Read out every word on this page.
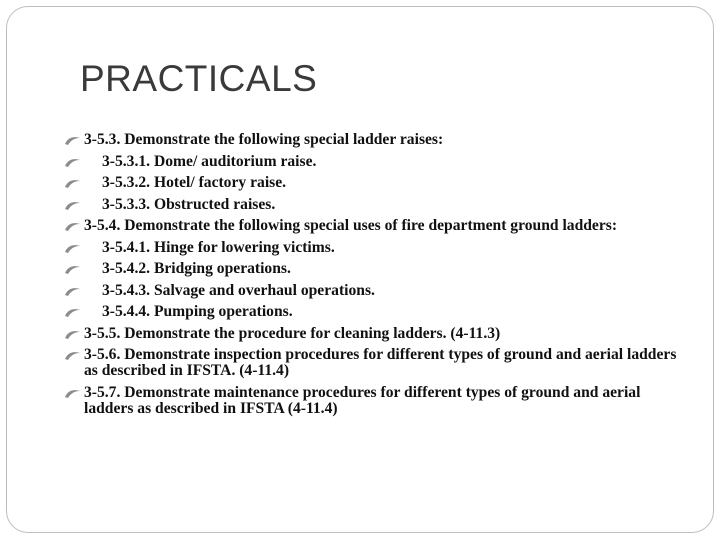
PRACTICALS
3-5.3. Demonstrate the following special ladder raises:
3-5.3.1. Dome/ auditorium raise.
3-5.3.2. Hotel/ factory raise.
3-5.3.3. Obstructed raises.
3-5.4. Demonstrate the following special uses of fire department ground ladders:
3-5.4.1. Hinge for lowering victims.
3-5.4.2. Bridging operations.
3-5.4.3. Salvage and overhaul operations.
3-5.4.4. Pumping operations.
3-5.5. Demonstrate the procedure for cleaning ladders. (4-11.3)
3-5.6. Demonstrate inspection procedures for different types of ground and aerial ladders as described in IFSTA. (4-11.4)
3-5.7. Demonstrate maintenance procedures for different types of ground and aerial ladders as described in IFSTA (4-11.4)
